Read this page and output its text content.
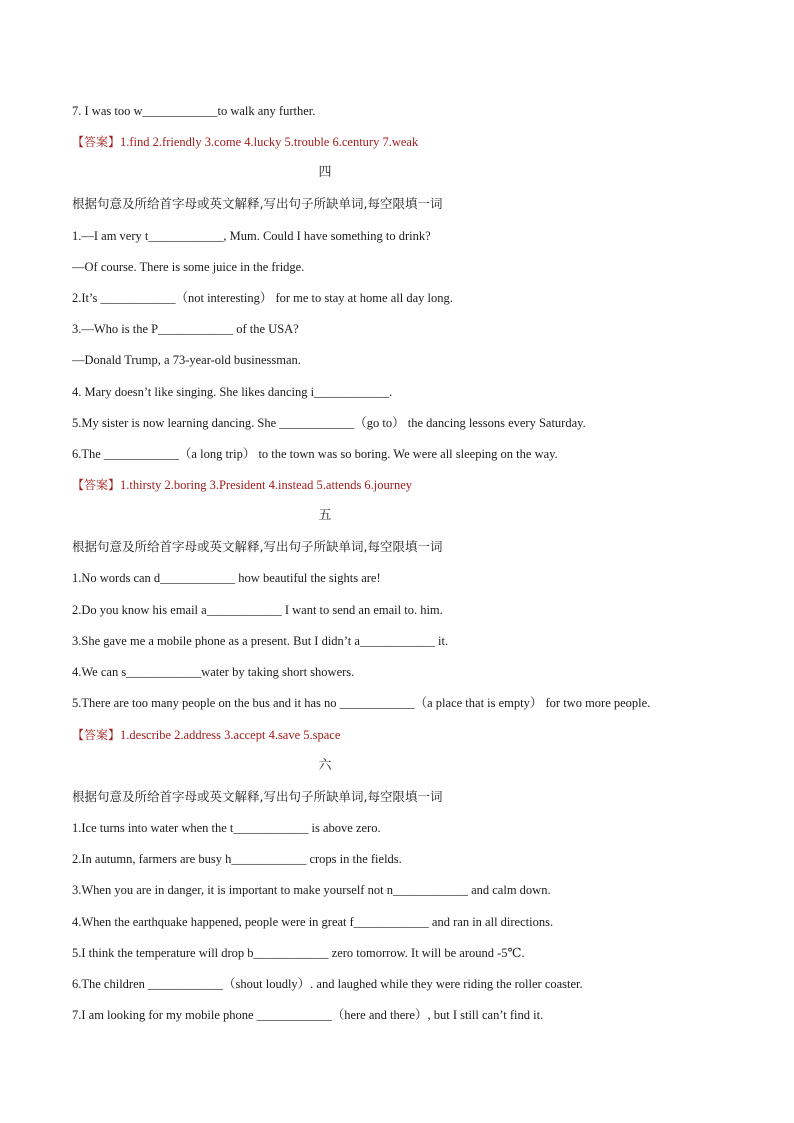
7. I was too w____________to walk any further.
【答案】1.find 2.friendly 3.come 4.lucky 5.trouble 6.century 7.weak
四
根据句意及所给首字母或英文解释,写出句子所缺单词,每空限填一词
1.—I am very t____________, Mum. Could I have something to drink?
—Of course. There is some juice in the fridge.
2.It’s ____________（not interesting） for me to stay at home all day long.
3.—Who is the P____________ of the USA?
—Donald Trump, a 73-year-old businessman.
4. Mary doesn’t like singing. She likes dancing i____________.
5.My sister is now learning dancing. She ____________（go to） the dancing lessons every Saturday.
6.The ____________（a long trip） to the town was so boring. We were all sleeping on the way.
【答案】1.thirsty 2.boring 3.President 4.instead 5.attends 6.journey
五
根据句意及所给首字母或英文解释,写出句子所缺单词,每空限填一词
1.No words can d____________ how beautiful the sights are!
2.Do you know his email a____________ I want to send an email to. him.
3.She gave me a mobile phone as a present. But I didn’t a____________ it.
4.We can s____________water by taking short showers.
5.There are too many people on the bus and it has no ____________（a place that is empty） for two more people.
【答案】1.describe 2.address 3.accept 4.save 5.space
六
根据句意及所给首字母或英文解释,写出句子所缺单词,每空限填一词
1.Ice turns into water when the t____________ is above zero.
2.In autumn, farmers are busy h____________ crops in the fields.
3.When you are in danger, it is important to make yourself not n____________ and calm down.
4.When the earthquake happened, people were in great f____________ and ran in all directions.
5.I think the temperature will drop b____________ zero tomorrow. It will be around -5℃.
6.The children ____________（shout loudly）. and laughed while they were riding the roller coaster.
7.I am looking for my mobile phone ____________（here and there）, but I still can’t find it.
